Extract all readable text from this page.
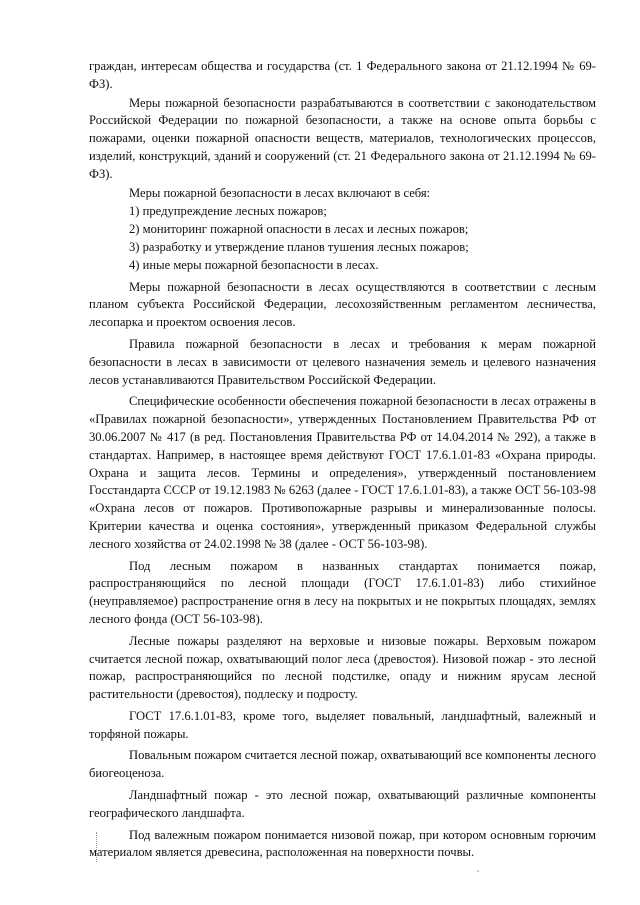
граждан, интересам общества и государства (ст. 1 Федерального закона от 21.12.1994 № 69-ФЗ).

Меры пожарной безопасности разрабатываются в соответствии с законодательством Российской Федерации по пожарной безопасности, а также на основе опыта борьбы с пожарами, оценки пожарной опасности веществ, материалов, технологических процессов, изделий, конструкций, зданий и сооружений (ст. 21 Федерального закона от 21.12.1994 № 69-ФЗ).

Меры пожарной безопасности в лесах включают в себя:

1) предупреждение лесных пожаров;

2) мониторинг пожарной опасности в лесах и лесных пожаров;

3) разработку и утверждение планов тушения лесных пожаров;

4) иные меры пожарной безопасности в лесах.

Меры пожарной безопасности в лесах осуществляются в соответствии с лесным планом субъекта Российской Федерации, лесохозяйственным регламентом лесничества, лесопарка и проектом освоения лесов.

Правила пожарной безопасности в лесах и требования к мерам пожарной безопасности в лесах в зависимости от целевого назначения земель и целевого назначения лесов устанавливаются Правительством Российской Федерации.

Специфические особенности обеспечения пожарной безопасности в лесах отражены в «Правилах пожарной безопасности», утвержденных Постановлением Правительства РФ от 30.06.2007 № 417 (в ред. Постановления Правительства РФ от 14.04.2014 № 292), а также в стандартах. Например, в настоящее время действуют ГОСТ 17.6.1.01-83 «Охрана природы. Охрана и защита лесов. Термины и определения», утвержденный постановлением Госстандарта СССР от 19.12.1983 № 6263 (далее - ГОСТ 17.6.1.01-83), а также ОСТ 56-103-98 «Охрана лесов от пожаров. Противопожарные разрывы и минерализованные полосы. Критерии качества и оценка состояния», утвержденный приказом Федеральной службы лесного хозяйства от 24.02.1998 № 38 (далее - ОСТ 56-103-98).

Под лесным пожаром в названных стандартах понимается пожар, распространяющийся по лесной площади (ГОСТ 17.6.1.01-83) либо стихийное (неуправляемое) распространение огня в лесу на покрытых и не покрытых площадях, землях лесного фонда (ОСТ 56-103-98).

Лесные пожары разделяют на верховые и низовые пожары. Верховым пожаром считается лесной пожар, охватывающий полог леса (древостоя). Низовой пожар - это лесной пожар, распространяющийся по лесной подстилке, опаду и нижним ярусам лесной растительности (древостоя), подлеску и подросту.

ГОСТ 17.6.1.01-83, кроме того, выделяет повальный, ландшафтный, валежный и торфяной пожары.

Повальным пожаром считается лесной пожар, охватывающий все компоненты лесного биогеоценоза.

Ландшафтный пожар - это лесной пожар, охватывающий различные компоненты географического ландшафта.

Под валежным пожаром понимается низовой пожар, при котором основным горючим материалом является древесина, расположенная на поверхности почвы.
